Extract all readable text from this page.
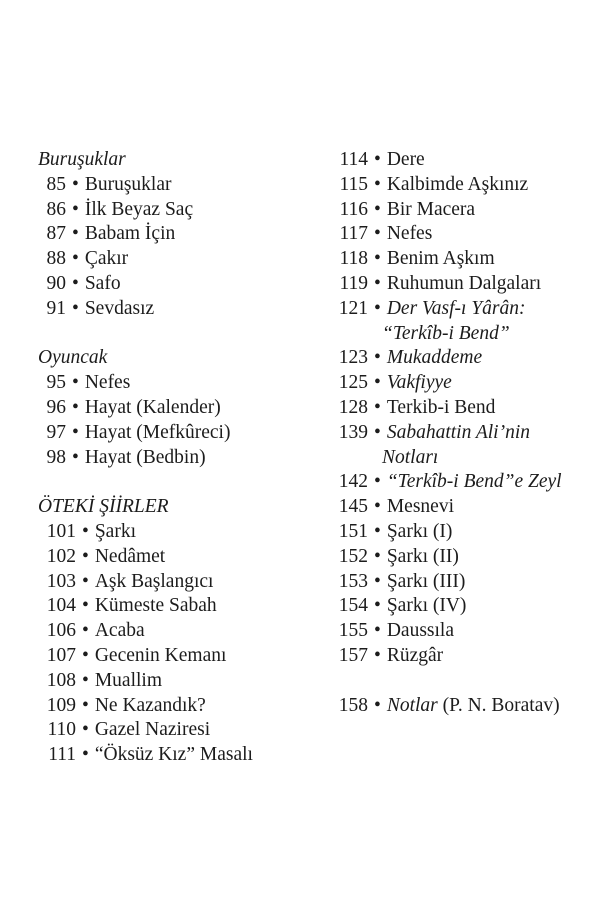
Buruşuklar
85 • Buruşuklar
86 • İlk Beyaz Saç
87 • Babam İçin
88 • Çakır
90 • Safo
91 • Sevdasız
Oyuncak
95 • Nefes
96 • Hayat (Kalender)
97 • Hayat (Mefkûreci)
98 • Hayat (Bedbin)
ÖTEKİ ŞİİRLER
101 • Şarkı
102 • Nedâmet
103 • Aşk Başlangıcı
104 • Kümeste Sabah
106 • Acaba
107 • Gecenin Kemanı
108 • Muallim
109 • Ne Kazandık?
110 • Gazel Naziresi
111 • “Öksüz Kız” Masalı
114 • Dere
115 • Kalbimde Aşkınız
116 • Bir Macera
117 • Nefes
118 • Benim Aşkım
119 • Ruhumun Dalgaları
121 • Der Vasf-ı Yârân:
“Terkîb-i Bend”
123 • Mukaddeme
125 • Vakfiyye
128 • Terkib-i Bend
139 • Sabahattin Ali’nin
Notları
142 • “Terkîb-i Bend”e Zeyl
145 • Mesnevi
151 • Şarkı (I)
152 • Şarkı (II)
153 • Şarkı (III)
154 • Şarkı (IV)
155 • Daussıla
157 • Rüzgâr
158 • Notlar (P. N. Boratav)
